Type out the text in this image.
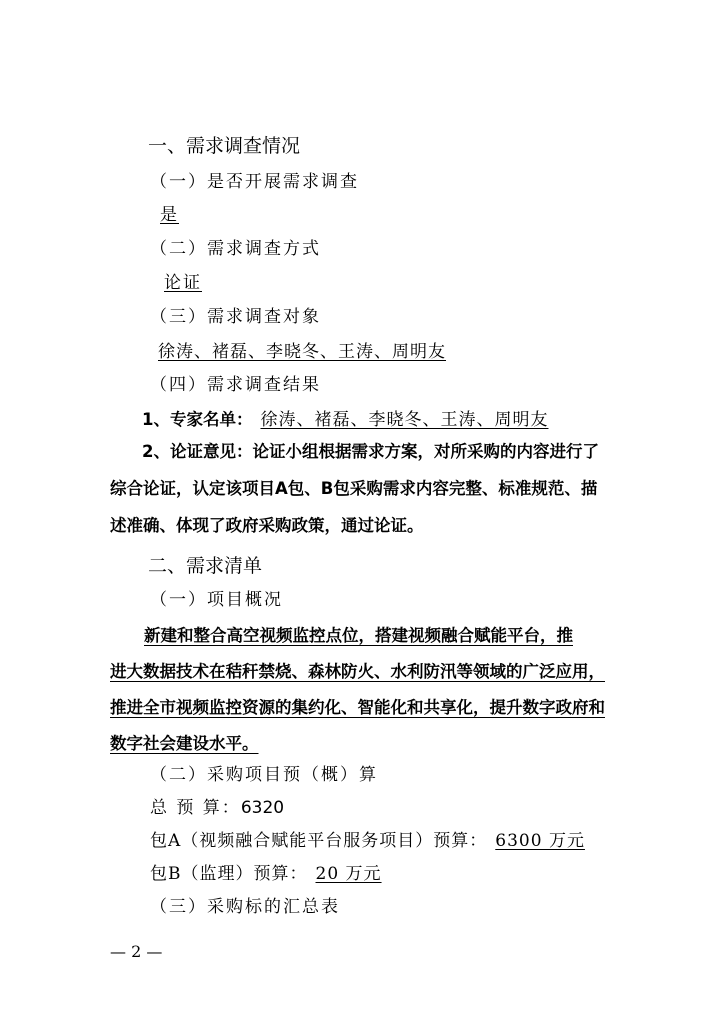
一、需求调查情况
（一）是否开展需求调查
是
（二）需求调查方式
论证
（三）需求调查对象
徐涛、褚磊、李晓冬、王涛、周明友
（四）需求调查结果
1、专家名单： 徐涛、褚磊、李晓冬、王涛、周明友
2、论证意见：论证小组根据需求方案，对所采购的内容进行了
综合论证，认定该项目A包、B包采购需求内容完整、标准规范、描
述准确、体现了政府采购政策，通过论证。
二、需求清单
（一）项目概况
新建和整合高空视频监控点位，搭建视频融合赋能平台，推
进大数据技术在秸秆禁烧、森林防火、水利防汛等领域的广泛应用，
推进全市视频监控资源的集约化、智能化和共享化，提升数字政府和
数字社会建设水平。
（二）采购项目预（概）算
总 预 算：6320
包A（视频融合赋能平台服务项目）预算： 6300 万元
包B（监理）预算： 20 万元
（三）采购标的汇总表
— 2 —
